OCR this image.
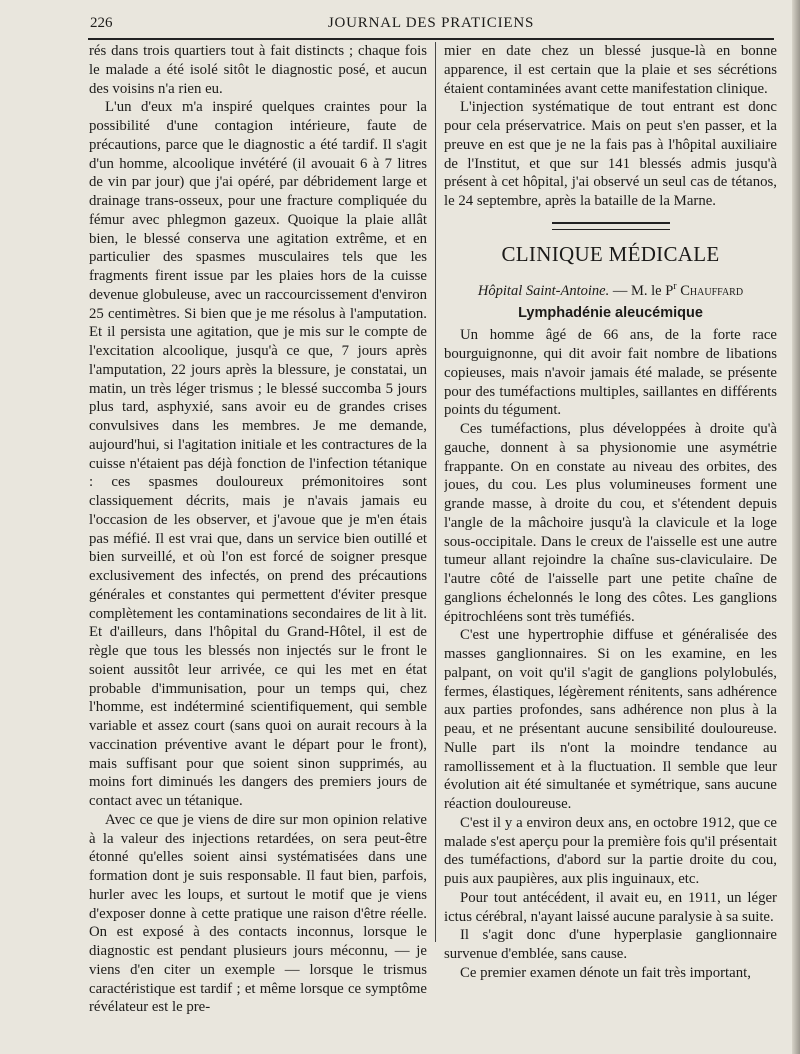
226	JOURNAL DES PRATICIENS

rés dans trois quartiers tout à fait distincts ; chaque fois le malade a été isolé sitôt le diagnostic posé, et aucun des voisins n'a rien eu.

L'un d'eux m'a inspiré quelques craintes pour la possibilité d'une contagion intérieure, faute de précautions, parce que le diagnostic a été tardif. Il s'agit d'un homme, alcoolique invétéré (il avouait 6 à 7 litres de vin par jour) que j'ai opéré, par débridement large et drainage trans-osseux, pour une fracture compliquée du fémur avec phlegmon gazeux. Quoique la plaie allât bien, le blessé conserva une agitation extrême, et en particulier des spasmes musculaires tels que les fragments firent issue par les plaies hors de la cuisse devenue globuleuse, avec un raccourcissement d'environ 25 centimètres. Si bien que je me résolus à l'amputation. Et il persista une agitation, que je mis sur le compte de l'excitation alcoolique, jusqu'à ce que, 7 jours après l'amputation, 22 jours après la blessure, je constatai, un matin, un très léger trismus ; le blessé succomba 5 jours plus tard, asphyxié, sans avoir eu de grandes crises convulsives dans les membres. Je me demande, aujourd'hui, si l'agitation initiale et les contractures de la cuisse n'étaient pas déjà fonction de l'infection tétanique : ces spasmes douloureux prémonitoires sont classiquement décrits, mais je n'avais jamais eu l'occasion de les observer, et j'avoue que je m'en étais pas méfié. Il est vrai que, dans un service bien outillé et bien surveillé, et où l'on est forcé de soigner presque exclusivement des infectés, on prend des précautions générales et constantes qui permettent d'éviter presque complètement les contaminations secondaires de lit à lit. Et d'ailleurs, dans l'hôpital du Grand-Hôtel, il est de règle que tous les blessés non injectés sur le front le soient aussitôt leur arrivée, ce qui les met en état probable d'immunisation, pour un temps qui, chez l'homme, est indéterminé scientifiquement, qui semble variable et assez court (sans quoi on aurait recours à la vaccination préventive avant le départ pour le front), mais suffisant pour que soient sinon supprimés, au moins fort diminués les dangers des premiers jours de contact avec un tétanique.

Avec ce que je viens de dire sur mon opinion relative à la valeur des injections retardées, on sera peut-être étonné qu'elles soient ainsi systématisées dans une formation dont je suis responsable. Il faut bien, parfois, hurler avec les loups, et surtout le motif que je viens d'exposer donne à cette pratique une raison d'être réelle. On est exposé à des contacts inconnus, lorsque le diagnostic est pendant plusieurs jours méconnu, — je viens d'en citer un exemple — lorsque le trismus caractéristique est tardif ; et même lorsque ce symptôme révélateur est le pre-

mier en date chez un blessé jusque-là en bonne apparence, il est certain que la plaie et ses sécrétions étaient contaminées avant cette manifestation clinique.

L'injection systématique de tout entrant est donc pour cela préservatrice. Mais on peut s'en passer, et la preuve en est que je ne la fais pas à l'hôpital auxiliaire de l'Institut, et que sur 141 blessés admis jusqu'à présent à cet hôpital, j'ai observé un seul cas de tétanos, le 24 septembre, après la bataille de la Marne.

CLINIQUE MÉDICALE
Hôpital Saint-Antoine. — M. le $P^r$ Chauffard
Lymphadénie aleucémique

Un homme âgé de 66 ans, de la forte race bourguignonne, qui dit avoir fait nombre de libations copieuses, mais n'avoir jamais été malade, se présente pour des tuméfactions multiples, saillantes en différents points du tégument.

Ces tuméfactions, plus développées à droite qu'à gauche, donnent à sa physionomie une asymétrie frappante. On en constate au niveau des orbites, des joues, du cou. Les plus volumineuses forment une grande masse, à droite du cou, et s'étendent depuis l'angle de la mâchoire jusqu'à la clavicule et la loge sous-occipitale. Dans le creux de l'aisselle est une autre tumeur allant rejoindre la chaîne sus-claviculaire. De l'autre côté de l'aisselle part une petite chaîne de ganglions échelonnés le long des côtes. Les ganglions épitrochléens sont très tuméfiés.

C'est une hypertrophie diffuse et généralisée des masses ganglionnaires. Si on les examine, en les palpant, on voit qu'il s'agit de ganglions polylobulés, fermes, élastiques, légèrement rénitents, sans adhérence aux parties profondes, sans adhérence non plus à la peau, et ne présentant aucune sensibilité douloureuse. Nulle part ils n'ont la moindre tendance au ramollissement et à la fluctuation. Il semble que leur évolution ait été simultanée et symétrique, sans aucune réaction douloureuse.

C'est il y a environ deux ans, en octobre 1912, que ce malade s'est aperçu pour la première fois qu'il présentait des tuméfactions, d'abord sur la partie droite du cou, puis aux paupières, aux plis inguinaux, etc.

Pour tout antécédent, il avait eu, en 1911, un léger ictus cérébral, n'ayant laissé aucune paralysie à sa suite.

Il s'agit donc d'une hyperplasie ganglionnaire survenue d'emblée, sans cause.

Ce premier examen dénote un fait très important,
